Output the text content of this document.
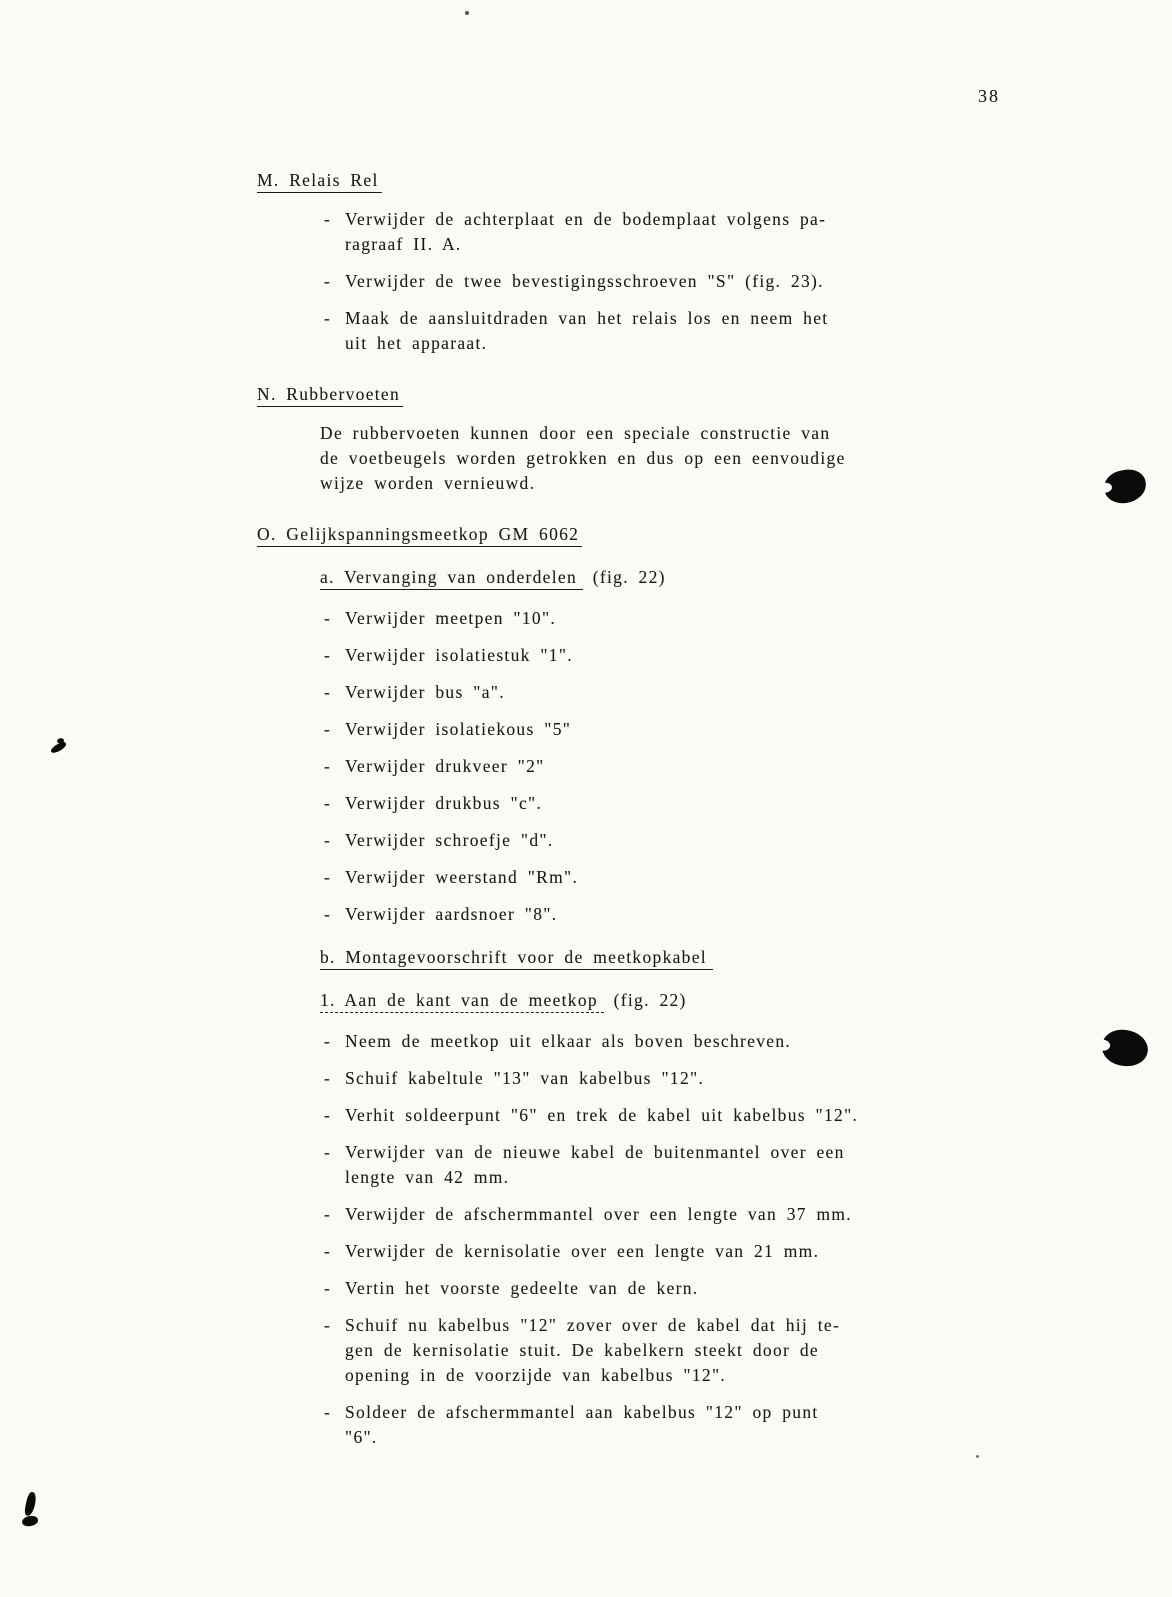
38
M. Relais Rel
- Verwijder de achterplaat en de bodemplaat volgens pa-
ragraaf II. A.
- Verwijder de twee bevestigingsschroeven "S" (fig. 23).
- Maak de aansluitdraden van het relais los en neem het
uit het apparaat.
N. Rubbervoeten
De rubbervoeten kunnen door een speciale constructie van
de voetbeugels worden getrokken en dus op een eenvoudige
wijze worden vernieuwd.
O. Gelijkspanningsmeetkop GM 6062
a. Vervanging van onderdelen (fig. 22)
- Verwijder meetpen "10".
- Verwijder isolatiestuk "1".
- Verwijder bus "a".
- Verwijder isolatiekous "5"
- Verwijder drukveer "2"
- Verwijder drukbus "c".
- Verwijder schroefje "d".
- Verwijder weerstand "Rm".
- Verwijder aardsnoer "8".
b. Montagevoorschrift voor de meetkopkabel
1. Aan de kant van de meetkop (fig. 22)
- Neem de meetkop uit elkaar als boven beschreven.
- Schuif kabeltule "13" van kabelbus "12".
- Verhit soldeerpunt "6" en trek de kabel uit kabelbus "12".
- Verwijder van de nieuwe kabel de buitenmantel over een
lengte van 42 mm.
- Verwijder de afschermmantel over een lengte van 37 mm.
- Verwijder de kernisolatie over een lengte van 21 mm.
- Vertin het voorste gedeelte van de kern.
- Schuif nu kabelbus "12" zover over de kabel dat hij te-
gen de kernisolatie stuit. De kabelkern steekt door de
opening in de voorzijde van kabelbus "12".
- Soldeer de afschermmantel aan kabelbus "12" op punt
"6".
